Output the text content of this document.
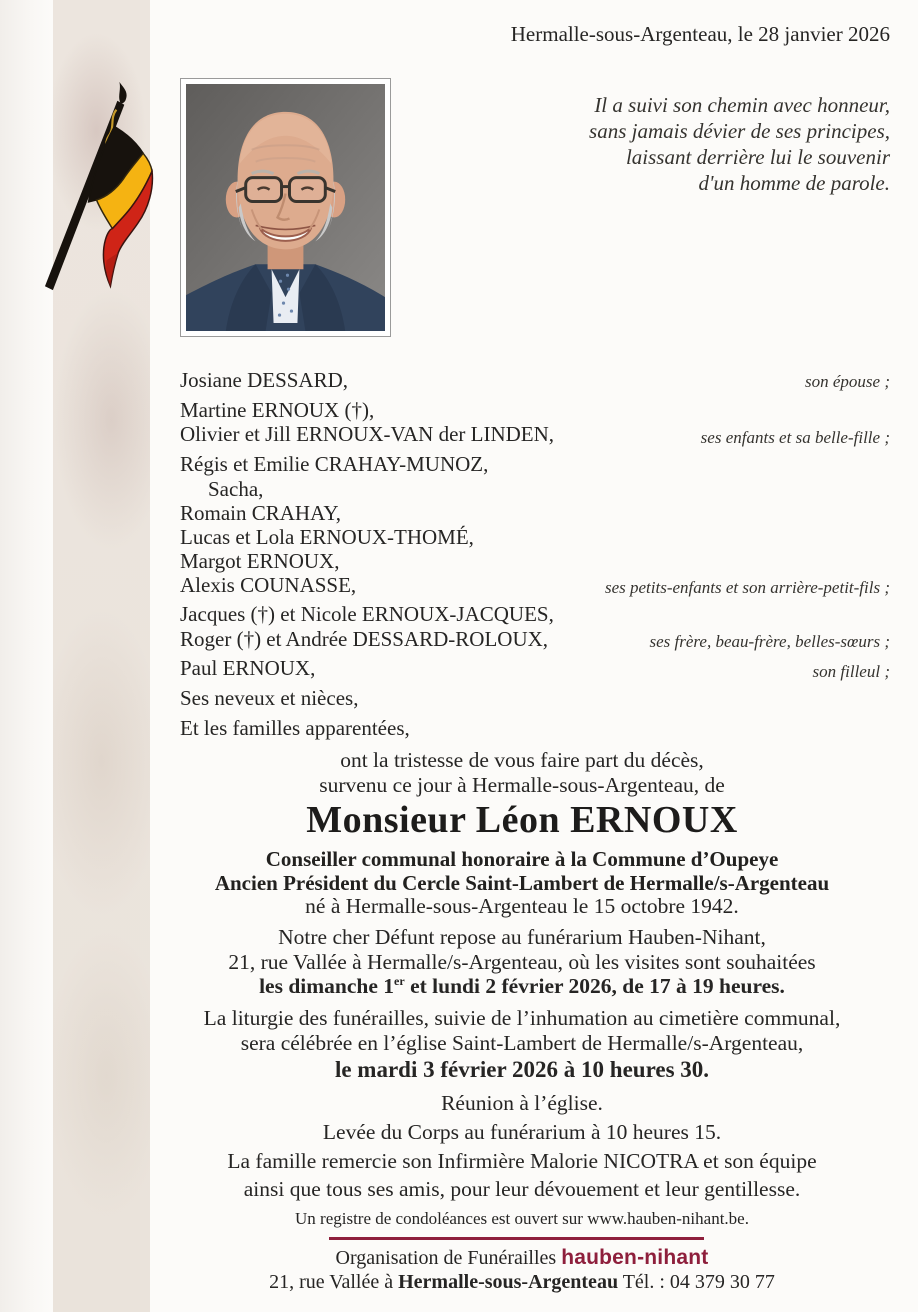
Hermalle-sous-Argenteau, le 28 janvier 2026
Il a suivi son chemin avec honneur,
sans jamais dévier de ses principes,
laissant derrière lui le souvenir
d'un homme de parole.
Josiane DESSARD,
Martine ERNOUX (†),
Olivier et Jill ERNOUX-VAN der LINDEN,
Régis et Emilie CRAHAY-MUNOZ,
Sacha,
Romain CRAHAY,
Lucas et Lola ERNOUX-THOMÉ,
Margot ERNOUX,
Alexis COUNASSE,
Jacques (†) et Nicole ERNOUX-JACQUES,
Roger (†) et Andrée DESSARD-ROLOUX,
Paul ERNOUX,
Ses neveux et nièces,
Et les familles apparentées,
son épouse ;
ses enfants et sa belle-fille ;
ses petits-enfants et son arrière-petit-fils ;
ses frère, beau-frère, belles-sœurs ;
son filleul ;
ont la tristesse de vous faire part du décès,
survenu ce jour à Hermalle-sous-Argenteau, de
Monsieur Léon ERNOUX
Conseiller communal honoraire à la Commune d’Oupeye
Ancien Président du Cercle Saint-Lambert de Hermalle/s-Argenteau
né à Hermalle-sous-Argenteau le 15 octobre 1942.
Notre cher Défunt repose au funérarium Hauben-Nihant,
21, rue Vallée à Hermalle/s-Argenteau, où les visites sont souhaitées
les dimanche 1er et lundi 2 février 2026, de 17 à 19 heures.
La liturgie des funérailles, suivie de l’inhumation au cimetière communal,
sera célébrée en l’église Saint-Lambert de Hermalle/s-Argenteau,
le mardi 3 février 2026 à 10 heures 30.
Réunion à l’église.
Levée du Corps au funérarium à 10 heures 15.
La famille remercie son Infirmière Malorie NICOTRA et son équipe
ainsi que tous ses amis, pour leur dévouement et leur gentillesse.
Un registre de condoléances est ouvert sur www.hauben-nihant.be.
Organisation de Funérailles hauben-nihant
21, rue Vallée à Hermalle-sous-Argenteau Tél. : 04 379 30 77
